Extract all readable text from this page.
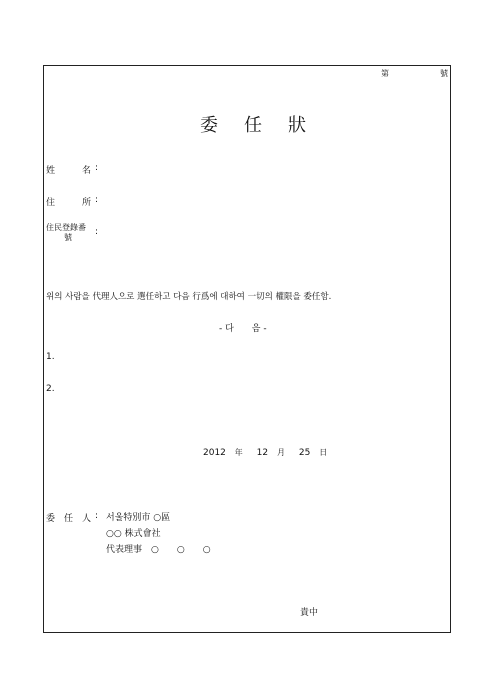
第	號
委 任 狀
姓	名 :
住	所 :
住民登錄番
號
:
위의 사람을 代理人으로 選任하고 다음 行爲에 대하여 一切의 權限을 委任함.
- 다　　음 -
1.
2.
2012 年 12 月 25 日
委 任 人 : 서울特別市 ○區
○○ 株式會社
代表理事　○　　○　　○
貴中
